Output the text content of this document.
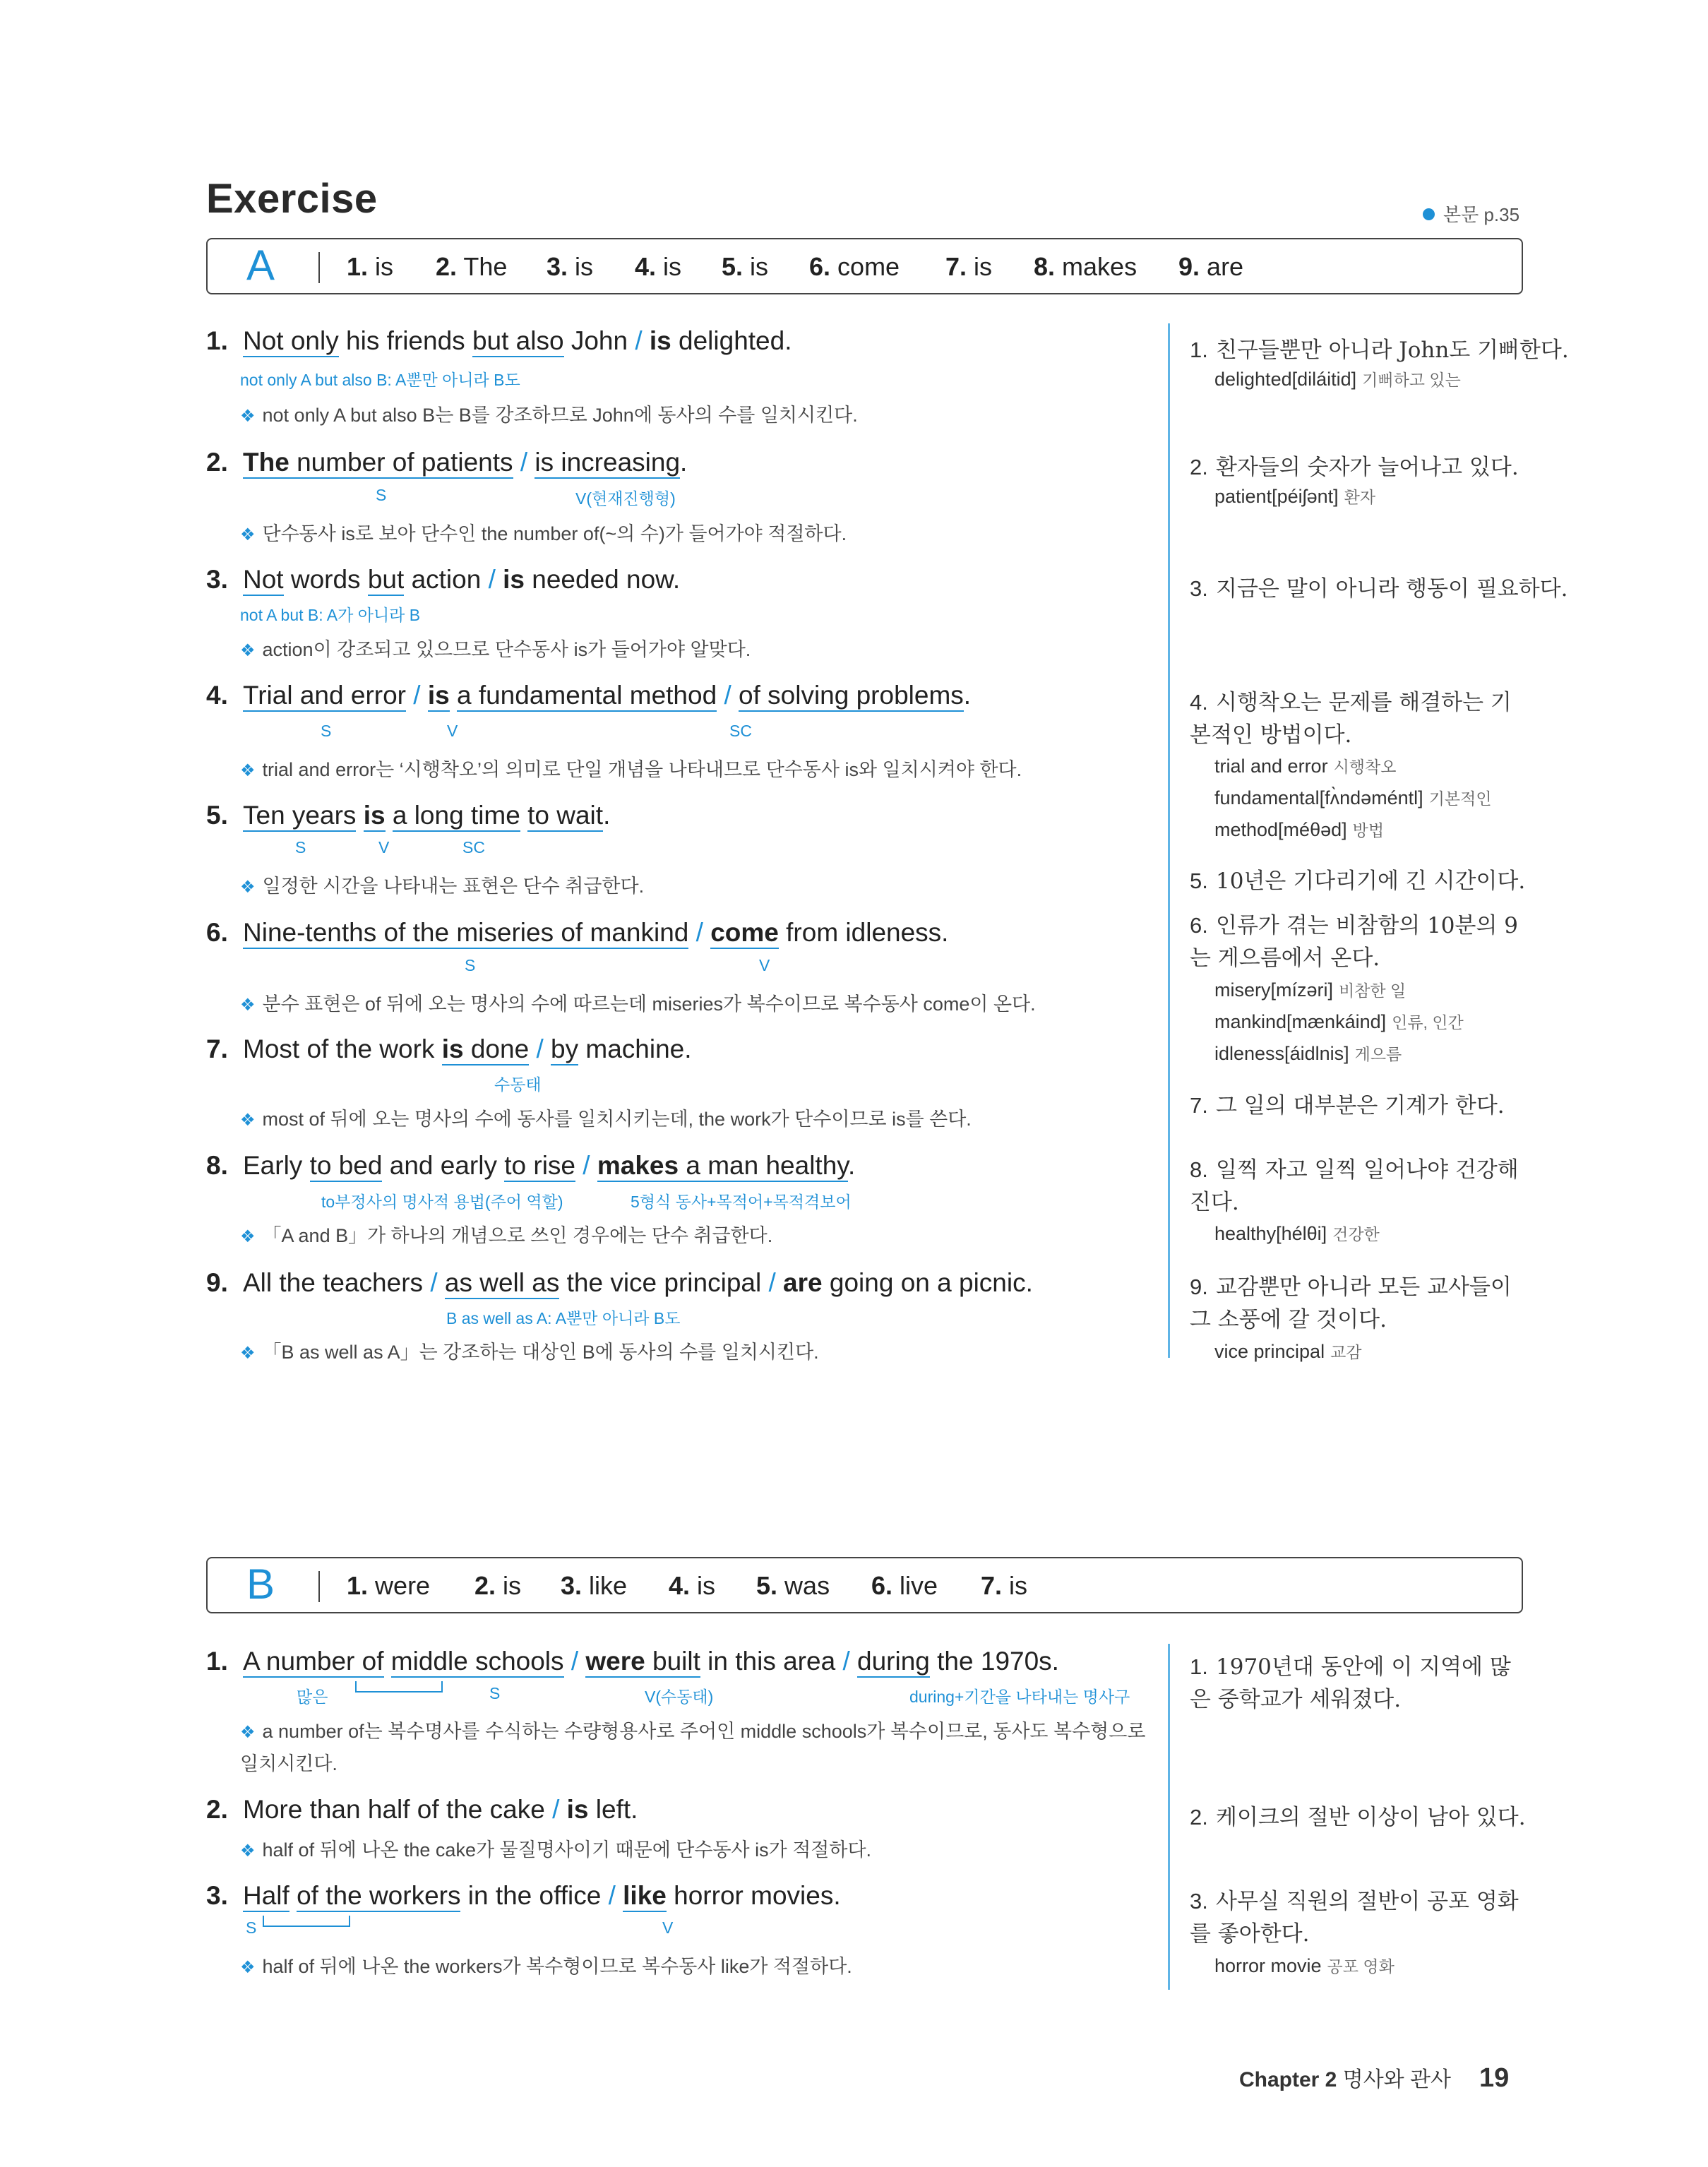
Exercise	본문 p.35
A	1. is 2. The 3. is 4. is 5. is 6. come 7. is 8. makes 9. are
1. Not only his friends but also John / is delighted.
not only A but also B: A뿐만 아니라 B도
❖ not only A but also B는 B를 강조하므로 John에 동사의 수를 일치시킨다.
1. 친구들뿐만 아니라 John도 기뻐한다.
delighted[diláitid] 기뻐하고 있는
2. The number of patients / is increasing.
S	V(현재진행형)
❖ 단수동사 is로 보아 단수인 the number of(~의 수)가 들어가야 적절하다.
2. 환자들의 숫자가 늘어나고 있다.
patient[péiʃənt] 환자
3. Not words but action / is needed now.
not A but B: A가 아니라 B
❖ action이 강조되고 있으므로 단수동사 is가 들어가야 알맞다.
3. 지금은 말이 아니라 행동이 필요하다.
4. Trial and error / is a fundamental method / of solving problems.
S	V	SC
❖ trial and error는 ‘시행착오’의 의미로 단일 개념을 나타내므로 단수동사 is와 일치시켜야 한다.
4. 시행착오는 문제를 해결하는 기본적인 방법이다.
trial and error 시행착오
fundamental[fʌ̀ndəméntl] 기본적인
method[méθəd] 방법
5. Ten years is a long time to wait.
S	V	SC
❖ 일정한 시간을 나타내는 표현은 단수 취급한다.	5. 10년은 기다리기에 긴 시간이다.
6. Nine-tenths of the miseries of mankind / come from idleness.
S	V
❖ 분수 표현은 of 뒤에 오는 명사의 수에 따르는데 miseries가 복수이므로 복수동사 come이 온다.
6. 인류가 겪는 비참함의 10분의 9는 게으름에서 온다.
misery[mízəri] 비참한 일
mankind[mænkáind] 인류, 인간
idleness[áidlnis] 게으름
7. Most of the work is done / by machine.
수동태
❖ most of 뒤에 오는 명사의 수에 동사를 일치시키는데, the work가 단수이므로 is를 쓴다.
7. 그 일의 대부분은 기계가 한다.
8. Early to bed and early to rise / makes a man healthy.
to부정사의 명사적 용법(주어 역할)	5형식 동사+목적어+목적격보어
❖ 「A and B」가 하나의 개념으로 쓰인 경우에는 단수 취급한다.
8. 일찍 자고 일찍 일어나야 건강해진다.
healthy[hélθi] 건강한
9. All the teachers / as well as the vice principal / are going on a picnic.
B as well as A: A뿐만 아니라 B도
❖ 「B as well as A」는 강조하는 대상인 B에 동사의 수를 일치시킨다.
9. 교감뿐만 아니라 모든 교사들이 그 소풍에 갈 것이다.
vice principal 교감
B	1. were 2. is 3. like 4. is 5. was 6. live 7. is
1. A number of middle schools / were built in this area / during the 1970s.
많은	S	V(수동태)	during+기간을 나타내는 명사구
❖ a number of는 복수명사를 수식하는 수량형용사로 주어인 middle schools가 복수이므로, 동사도 복수형으로 일치시킨다.
1. 1970년대 동안에 이 지역에 많은 중학교가 세워졌다.
2. More than half of the cake / is left.
❖ half of 뒤에 나온 the cake가 물질명사이기 때문에 단수동사 is가 적절하다.
2. 케이크의 절반 이상이 남아 있다.
3. Half of the workers in the office / like horror movies.
S	V
❖ half of 뒤에 나온 the workers가 복수형이므로 복수동사 like가 적절하다.
3. 사무실 직원의 절반이 공포 영화를 좋아한다.
horror movie 공포 영화
Chapter 2 명사와 관사 19
